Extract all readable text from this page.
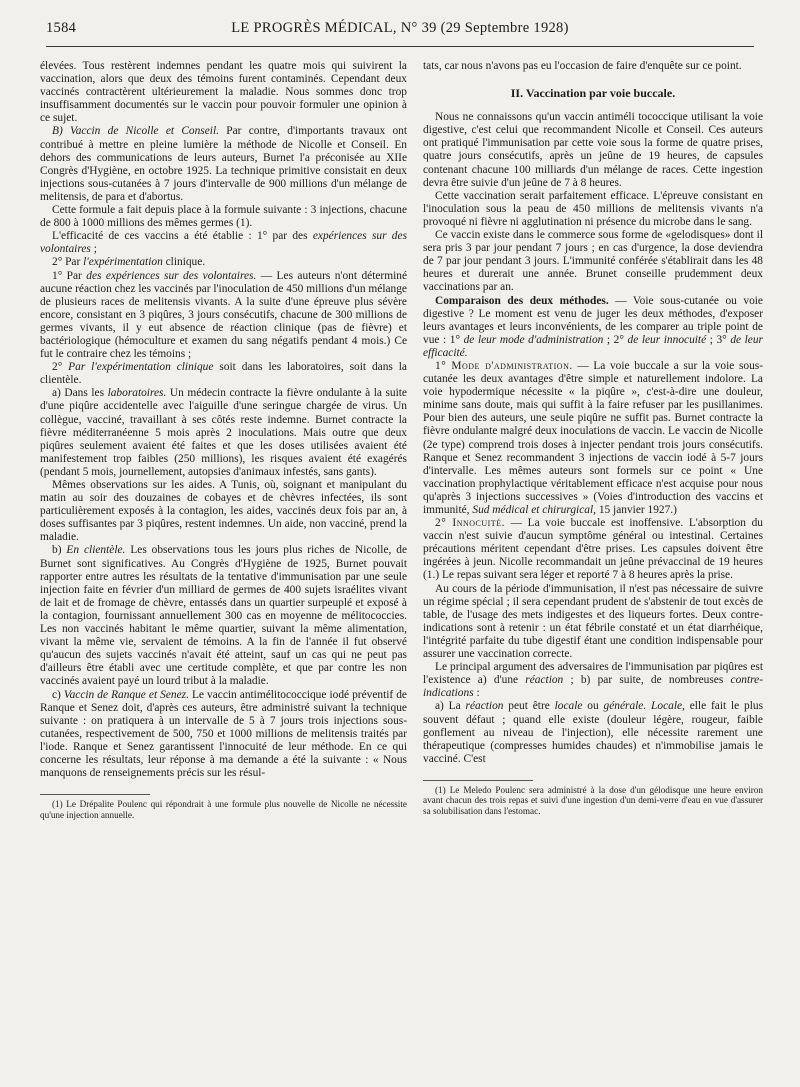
1584	LE PROGRÈS MÉDICAL, N° 39 (29 Septembre 1928)

élevées. Tous restèrent indemnes pendant les quatre mois qui suivirent la vaccination, alors que deux des témoins furent contaminés. Cependant deux vaccinés contractèrent ultérieurement la maladie. Nous sommes donc trop insuffisamment documentés sur le vaccin pour pouvoir formuler une opinion à ce sujet.

B) Vaccin de Nicolle et Conseil. Par contre, d'importants travaux ont contribué à mettre en pleine lumière la méthode de Nicolle et Conseil. En dehors des communications de leurs auteurs, Burnet l'a préconisée au XIIe Congrès d'Hygiène, en octobre 1925. La technique primitive consistait en deux injections sous-cutanées à 7 jours d'intervalle de 900 millions d'un mélange de melitensis, de para et d'abortus.

Cette formule a fait depuis place à la formule suivante : 3 injections, chacune de 800 à 1000 millions des mêmes germes (1).

L'efficacité de ces vaccins a été établie : 1° par des expériences sur des volontaires ;

2° Par l'expérimentation clinique.

1° Par des expériences sur des volontaires. — Les auteurs n'ont déterminé aucune réaction chez les vaccinés par l'inoculation de 450 millions d'un mélange de plusieurs races de melitensis vivants. A la suite d'une épreuve plus sévère encore, consistant en 3 piqûres, 3 jours consécutifs, chacune de 300 millions de germes vivants, il y eut absence de réaction clinique (pas de fièvre) et bactériologique (hémoculture et examen du sang négatifs pendant 4 mois.) Ce fut le contraire chez les témoins ;

2° Par l'expérimentation clinique soit dans les laboratoires, soit dans la clientèle.

a) Dans les laboratoires. Un médecin contracte la fièvre ondulante à la suite d'une piqûre accidentelle avec l'aiguille d'une seringue chargée de virus. Un collègue, vacciné, travaillant à ses côtés reste indemne. Burnet contracte la fièvre méditerranéenne 5 mois après 2 inoculations. Mais outre que deux piqûres seulement avaient été faites et que les doses utilisées avaient été manifestement trop faibles (250 millions), les risques avaient été exagérés (pendant 5 mois, journellement, autopsies d'animaux infestés, sans gants).

Mêmes observations sur les aides. A Tunis, où, soignant et manipulant du matin au soir des douzaines de cobayes et de chèvres infectées, ils sont particulièrement exposés à la contagion, les aides, vaccinés deux fois par an, à doses suffisantes par 3 piqûres, restent indemnes. Un aide, non vacciné, prend la maladie.

b) En clientèle. Les observations tous les jours plus riches de Nicolle, de Burnet sont significatives. Au Congrès d'Hygiène de 1925, Burnet pouvait rapporter entre autres les résultats de la tentative d'immunisation par une seule injection faite en février d'un milliard de germes de 400 sujets israélites vivant de lait et de fromage de chèvre, entassés dans un quartier surpeuplé et exposé à la contagion, fournissant annuellement 300 cas en moyenne de mélitococcies. Les non vaccinés habitant le même quartier, suivant la même alimentation, vivant la même vie, servaient de témoins. A la fin de l'année il fut observé qu'aucun des sujets vaccinés n'avait été atteint, sauf un cas qui ne peut pas d'ailleurs être établi avec une certitude complète, et que par contre les non vaccinés avaient payé un lourd tribut à la maladie.

c) Vaccin de Ranque et Senez. Le vaccin antimélitococcique iodé préventif de Ranque et Senez doit, d'après ces auteurs, être administré suivant la technique suivante : on pratiquera à un intervalle de 5 à 7 jours trois injections sous-cutanées, respectivement de 500, 750 et 1000 millions de melitensis traités par l'iode. Ranque et Senez garantissent l'innocuité de leur méthode. En ce qui concerne les résultats, leur réponse à ma demande a été la suivante : « Nous manquons de renseignements précis sur les résul-

(1) Le Drépalite Poulenc qui répondrait à une formule plus nouvelle de Nicolle ne nécessite qu'une injection annuelle.

tats, car nous n'avons pas eu l'occasion de faire d'enquête sur ce point.

II. Vaccination par voie buccale.

Nous ne connaissons qu'un vaccin antiméli tococcique utilisant la voie digestive, c'est celui que recommandent Nicolle et Conseil. Ces auteurs ont pratiqué l'immunisation par cette voie sous la forme de quatre prises, quatre jours consécutifs, après un jeûne de 19 heures, de capsules contenant chacune 100 milliards d'un mélange de races. Cette ingestion devra être suivie d'un jeûne de 7 à 8 heures.

Cette vaccination serait parfaitement efficace. L'épreuve consistant en l'inoculation sous la peau de 450 millions de melitensis vivants n'a provoqué ni fièvre ni agglutination ni présence du microbe dans le sang.

Ce vaccin existe dans le commerce sous forme de «gelodisques» dont il sera pris 3 par jour pendant 7 jours ; en cas d'urgence, la dose deviendra de 7 par jour pendant 3 jours. L'immunité conférée s'établirait dans les 48 heures et durerait une année. Brunet conseille prudemment deux vaccinations par an.

Comparaison des deux méthodes. — Voie sous-cutanée ou voie digestive ? Le moment est venu de juger les deux méthodes, d'exposer leurs avantages et leurs inconvénients, de les comparer au triple point de vue : 1° de leur mode d'administration ; 2° de leur innocuité ; 3° de leur efficacité.

1° Mode d'administration. — La voie buccale a sur la voie sous-cutanée les deux avantages d'être simple et naturellement indolore. La voie hypodermique nécessite « la piqûre », c'est-à-dire une douleur, minime sans doute, mais qui suffit à la faire refuser par les pusillanimes. Pour bien des auteurs, une seule piqûre ne suffit pas. Burnet contracte la fièvre ondulante malgré deux inoculations de vaccin. Le vaccin de Nicolle (2e type) comprend trois doses à injecter pendant trois jours consécutifs. Ranque et Senez recommandent 3 injections de vaccin iodé à 5-7 jours d'intervalle. Les mêmes auteurs sont formels sur ce point « Une vaccination prophylactique véritablement efficace n'est acquise pour nous qu'après 3 injections successives » (Voies d'introduction des vaccins et immunité, Sud médical et chirurgical, 15 janvier 1927.)

2° Innocuité. — La voie buccale est inoffensive. L'absorption du vaccin n'est suivie d'aucun symptôme général ou intestinal. Certaines précautions méritent cependant d'être prises. Les capsules doivent être ingérées à jeun. Nicolle recommandait un jeûne prévaccinal de 19 heures (1.) Le repas suivant sera léger et reporté 7 à 8 heures après la prise.

Au cours de la période d'immunisation, il n'est pas nécessaire de suivre un régime spécial ; il sera cependant prudent de s'abstenir de tout excès de table, de l'usage des mets indigestes et des liqueurs fortes. Deux contre-indications sont à retenir : un état fébrile constaté et un état diarrhéique, l'intégrité parfaite du tube digestif étant une condition indispensable pour assurer une vaccination correcte.

Le principal argument des adversaires de l'immunisation par piqûres est l'existence a) d'une réaction ; b) par suite, de nombreuses contre-indications :

a) La réaction peut être locale ou générale. Locale, elle fait le plus souvent défaut ; quand elle existe (douleur légère, rougeur, faible gonflement au niveau de l'injection), elle nécessite rarement une thérapeutique (compresses humides chaudes) et n'immobilise jamais le vacciné. C'est

(1) Le Meledo Poulenc sera administré à la dose d'un gélodisque une heure environ avant chacun des trois repas et suivi d'une ingestion d'un demi-verre d'eau en vue d'assurer sa solubilisation dans l'estomac.
